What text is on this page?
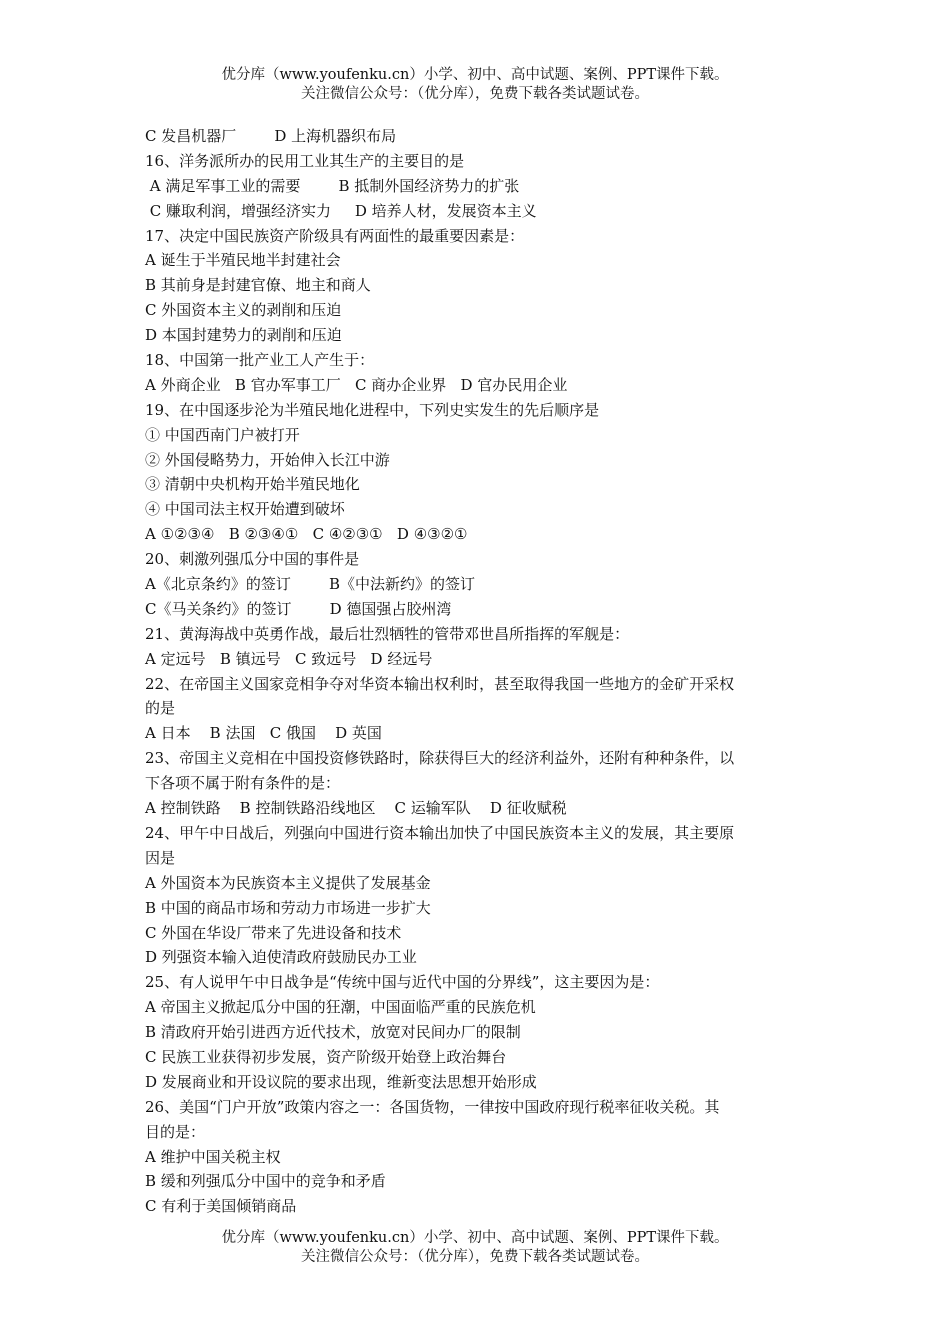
优分库（www.youfenku.cn）小学、初中、高中试题、案例、PPT课件下载。
关注微信公众号：（优分库），免费下载各类试题试卷。
C 发昌机器厂        D 上海机器织布局
16、洋务派所办的民用工业其生产的主要目的是
A 满足军事工业的需要        B 抵制外国经济势力的扩张
C 赚取利润，增强经济实力     D 培养人材，发展资本主义
17、决定中国民族资产阶级具有两面性的最重要因素是：
A 诞生于半殖民地半封建社会
B 其前身是封建官僚、地主和商人
C 外国资本主义的剥削和压迫
D 本国封建势力的剥削和压迫
18、中国第一批产业工人产生于：
A 外商企业   B 官办军事工厂   C 商办企业界   D 官办民用企业
19、在中国逐步沦为半殖民地化进程中，下列史实发生的先后顺序是
① 中国西南门户被打开
② 外国侵略势力，开始伸入长江中游
③ 清朝中央机构开始半殖民地化
④ 中国司法主权开始遭到破坏
A ①②③④   B ②③④①   C ④②③①   D ④③②①
20、刺激列强瓜分中国的事件是
A《北京条约》的签订        B《中法新约》的签订
C《马关条约》的签订        D 德国强占胶州湾
21、黄海海战中英勇作战，最后壮烈牺牲的管带邓世昌所指挥的军舰是：
A 定远号   B 镇远号   C 致远号   D 经远号
22、在帝国主义国家竞相争夺对华资本输出权利时，甚至取得我国一些地方的金矿开采权
的是
A 日本    B 法国   C 俄国    D 英国
23、帝国主义竞相在中国投资修铁路时，除获得巨大的经济利益外，还附有种种条件，以
下各项不属于附有条件的是：
A 控制铁路    B 控制铁路沿线地区    C 运输军队    D 征收赋税
24、甲午中日战后，列强向中国进行资本输出加快了中国民族资本主义的发展，其主要原
因是
A 外国资本为民族资本主义提供了发展基金
B 中国的商品市场和劳动力市场进一步扩大
C 外国在华设厂带来了先进设备和技术
D 列强资本输入迫使清政府鼓励民办工业
25、有人说甲午中日战争是“传统中国与近代中国的分界线”，这主要因为是：
A 帝国主义掀起瓜分中国的狂潮，中国面临严重的民族危机
B 清政府开始引进西方近代技术，放宽对民间办厂的限制
C 民族工业获得初步发展，资产阶级开始登上政治舞台
D 发展商业和开设议院的要求出现，维新变法思想开始形成
26、美国“门户开放”政策内容之一：各国货物，一律按中国政府现行税率征收关税。其
目的是：
A 维护中国关税主权
B 缓和列强瓜分中国中的竞争和矛盾
C 有利于美国倾销商品
优分库（www.youfenku.cn）小学、初中、高中试题、案例、PPT课件下载。
关注微信公众号：（优分库），免费下载各类试题试卷。
